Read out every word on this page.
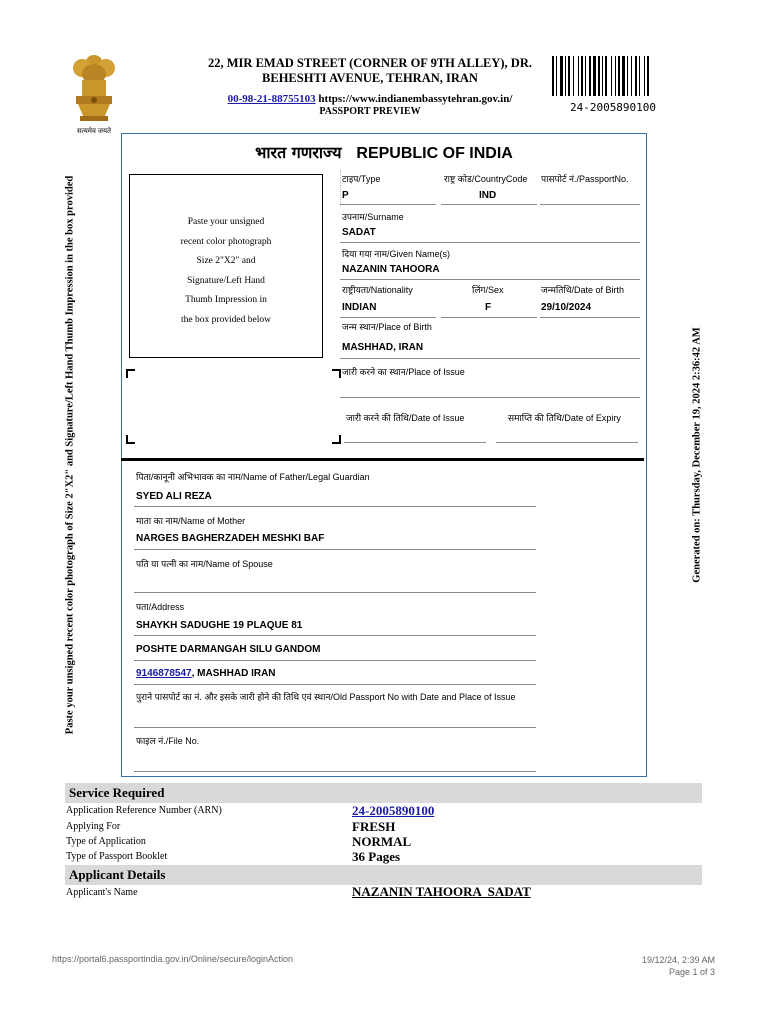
सत्यमेव जयते
22, MIR EMAD STREET (CORNER OF 9TH ALLEY), DR.
BEHESHTI AVENUE, TEHRAN, IRAN
00-98-21-88755103 https://www.indianembassytehran.gov.in/
PASSPORT PREVIEW	24-2005890100
Paste your unsigned recent color photograph of Size 2"X2" and Signature/Left Hand Thumb Impression in the box provided	Generated on: Thursday, December 19, 2024 2:36:42 AM
भारत गणराज्य REPUBLIC OF INDIA
Paste your unsigned
recent color photograph
Size 2"X2" and
Signature/Left Hand
Thumb Impression in
the box provided below
टाइप/Type	राष्ट्र कोड/CountryCode पासपोर्ट नं./PassportNo.
P	IND
उपनाम/Surname
SADAT
दिया गया नाम/Given Name(s)
NAZANIN TAHOORA
राष्ट्रीयता/Nationality	लिंग/Sex	जन्मतिथि/Date of Birth
INDIAN	F	29/10/2024
जन्म स्थान/Place of Birth
MASHHAD, IRAN
जारी करने का स्थान/Place of Issue
जारी करने की तिथि/Date of Issue	समाप्ति की तिथि/Date of Expiry
पिता/कानूनी अभिभावक का नाम/Name of Father/Legal Guardian
SYED ALI REZA
माता का नाम/Name of Mother
NARGES BAGHERZADEH MESHKI BAF
पति या पत्नी का नाम/Name of Spouse
पता/Address
SHAYKH SADUGHE 19 PLAQUE 81
POSHTE DARMANGAH SILU GANDOM
9146878547, MASHHAD IRAN
पुराने पासपोर्ट का नं. और इसके जारी होने की तिथि एवं स्थान/Old Passport No with Date and Place of Issue
फाइल नं./File No.
Service Required
Application Reference Number (ARN)	24-2005890100
Applying For	FRESH
Type of Application	NORMAL
Type of Passport Booklet	36 Pages
Applicant Details
Applicant's Name	NAZANIN TAHOORA  SADAT
https://portal6.passportindia.gov.in/Online/secure/loginAction	19/12/24, 2:39 AM
Page 1 of 3
